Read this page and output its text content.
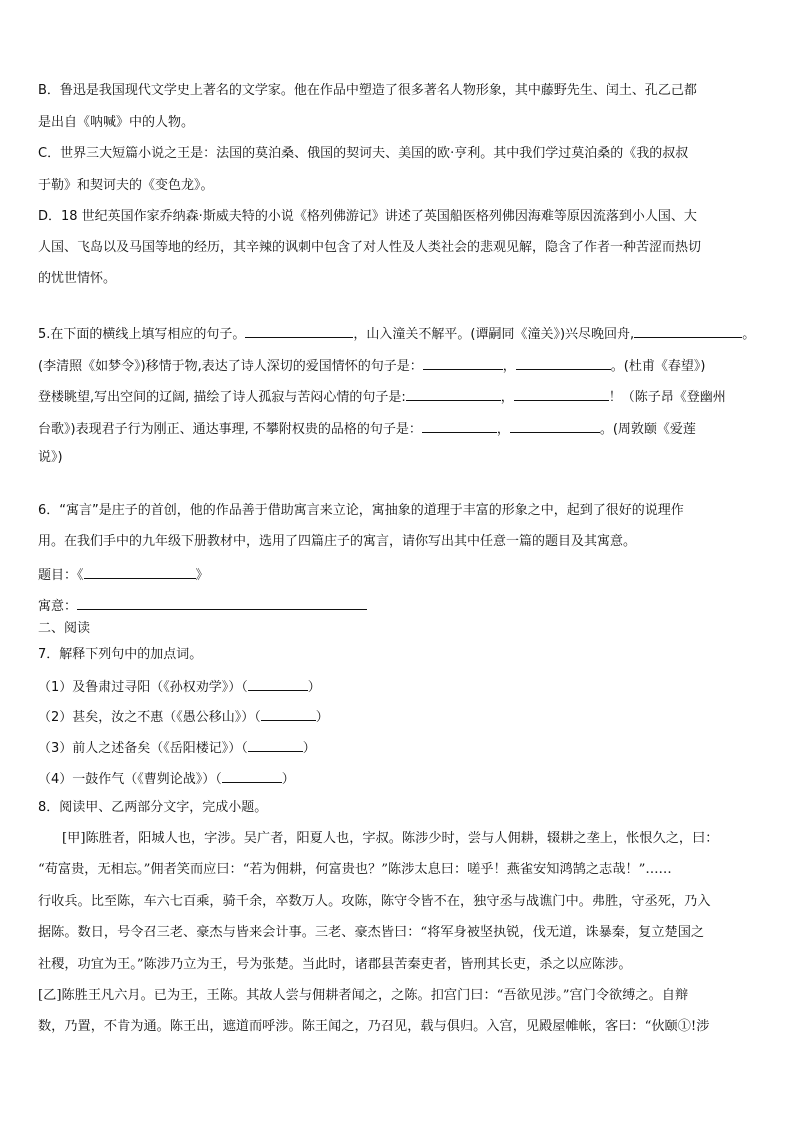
B．鲁迅是我国现代文学史上著名的文学家。他在作品中塑造了很多著名人物形象，其中藤野先生、闰土、孔乙己都
是出自《呐喊》中的人物。
C．世界三大短篇小说之王是：法国的莫泊桑、俄国的契诃夫、美国的欧·亨利。其中我们学过莫泊桑的《我的叔叔
于勒》和契诃夫的《变色龙》。
D．18 世纪英国作家乔纳森·斯威夫特的小说《格列佛游记》讲述了英国船医格列佛因海难等原因流落到小人国、大
人国、飞岛以及马国等地的经历，其辛辣的讽刺中包含了对人性及人类社会的悲观见解，隐含了作者一种苦涩而热切
的忧世情怀。
5.在下面的横线上填写相应的句子。	，山入潼关不解平。(谭嗣同《潼关》)兴尽晚回舟,	。
(李清照《如梦令》)移情于物,表达了诗人深切的爱国情怀的句子是：	，	。(杜甫《春望》)
登楼眺望,写出空间的辽阔, 描绘了诗人孤寂与苦闷心情的句子是:	，	！（陈子昂《登幽州
台歌》)表现君子行为刚正、通达事理, 不攀附权贵的品格的句子是：	，	。(周敦颐《爱莲
说》)
6．“寓言”是庄子的首创，他的作品善于借助寓言来立论，寓抽象的道理于丰富的形象之中，起到了很好的说理作
用。在我们手中的九年级下册教材中，选用了四篇庄子的寓言，请你写出其中任意一篇的题目及其寓意。
题目：《	》
寓意：
二、阅读
7．解释下列句中的加点词。
（1）及鲁肃过寻阳（《孙权劝学》）（	）
（2）甚矣，汝之不惠（《愚公移山》）（	）
（3）前人之述备矣（《岳阳楼记》）（	）
（4）一鼓作气（《曹刿论战》）（	）
8．阅读甲、乙两部分文字，完成小题。
[甲]陈胜者，阳城人也，字涉。吴广者，阳夏人也，字叔。陈涉少时，尝与人佣耕，辍耕之垄上，怅恨久之，曰：
“苟富贵，无相忘。”佣者笑而应曰：“若为佣耕，何富贵也？”陈涉太息曰：嗟乎！燕雀安知鸿鹄之志哉！”……
行收兵。比至陈，车六七百乘，骑千余，卒数万人。攻陈，陈守令皆不在，独守丞与战谯门中。弗胜，守丞死，乃入
据陈。数日，号令召三老、豪杰与皆来会计事。三老、豪杰皆曰：“将军身被坚执锐，伐无道，诛暴秦，复立楚国之
社稷，功宜为王。”陈涉乃立为王，号为张楚。当此时，诸郡县苦秦吏者，皆刑其长吏，杀之以应陈涉。
[乙]陈胜王凡六月。已为王，王陈。其故人尝与佣耕者闻之，之陈。扣宫门曰：“吾欲见涉。”宫门令欲缚之。自辩
数，乃置，不肯为通。陈王出，遮道而呼涉。陈王闻之，乃召见，载与俱归。入宫，见殿屋帷帐，客曰：“伙颐①!涉
